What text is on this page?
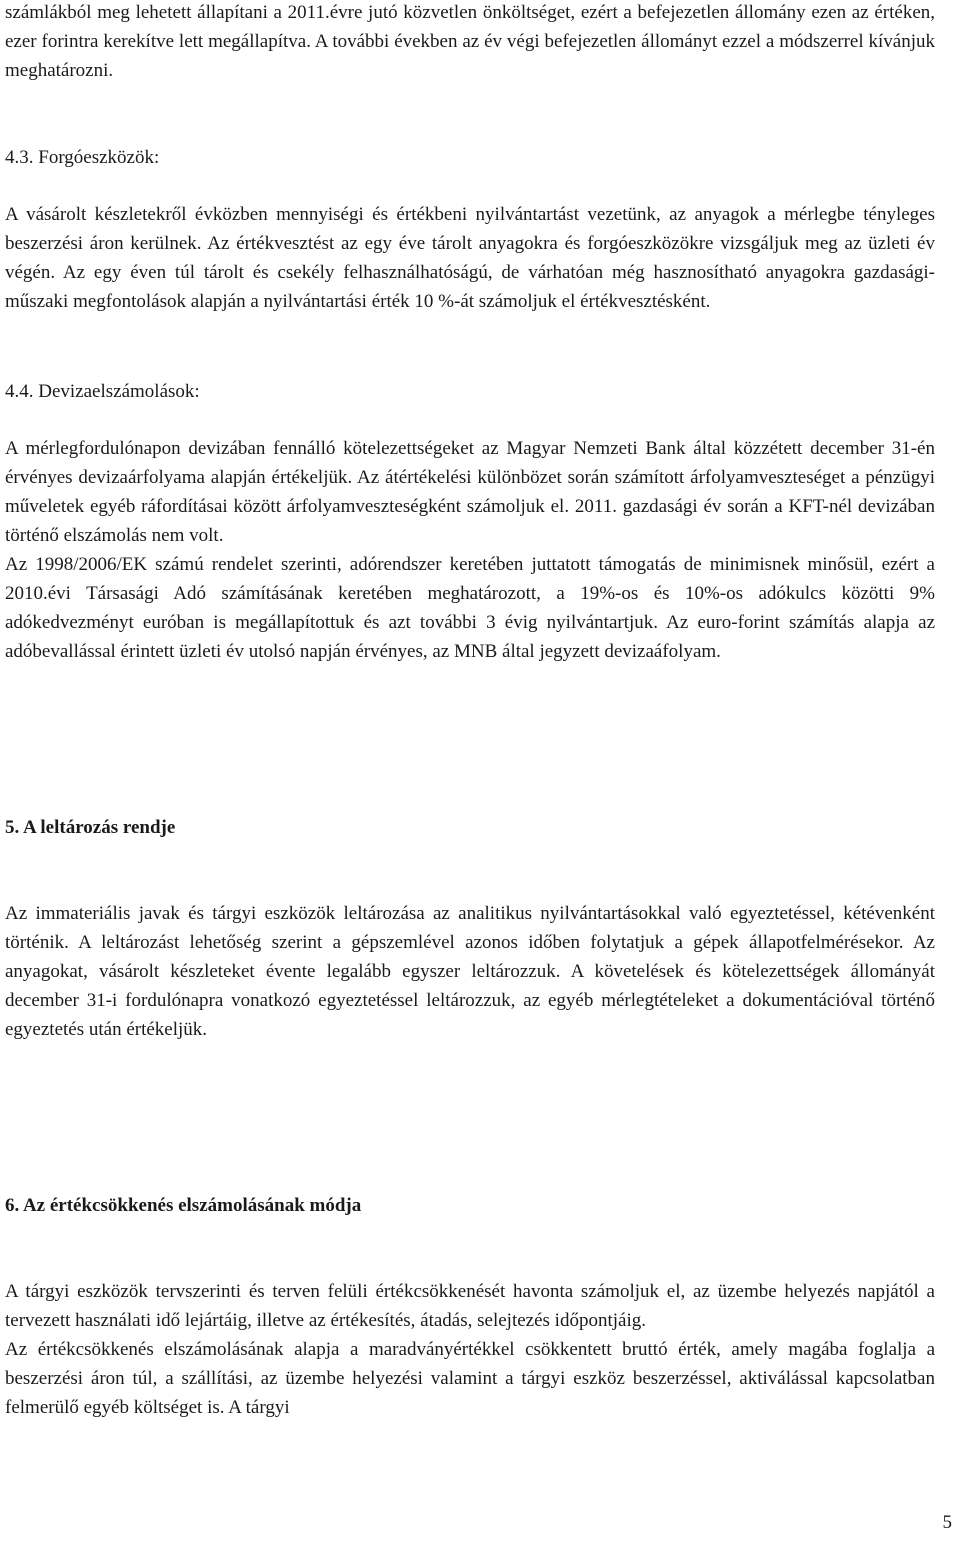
számlákból meg lehetett állapítani a 2011.évre jutó közvetlen önköltséget, ezért a befejezetlen állomány ezen az értéken, ezer forintra kerekítve lett megállapítva. A további években az év végi befejezetlen állományt ezzel a módszerrel kívánjuk meghatározni.

4.3. Forgóeszközök:

A vásárolt készletekről évközben mennyiségi és értékbeni nyilvántartást vezetünk, az anyagok a mérlegbe tényleges beszerzési áron kerülnek. Az értékvesztést az egy éve tárolt anyagokra és forgóeszközökre vizsgáljuk meg az üzleti év végén. Az egy éven túl tárolt és csekély felhasználhatóságú, de várhatóan még hasznosítható anyagokra gazdasági-műszaki megfontolások alapján a nyilvántartási érték 10 %-át számoljuk el értékvesztésként.

4.4. Devizaelszámolások:

A mérlegfordulónapon devizában fennálló kötelezettségeket az Magyar Nemzeti Bank által közzétett december 31-én érvényes devizaárfolyama alapján értékeljük. Az átértékelési különbözet során számított árfolyamveszteséget a pénzügyi műveletek egyéb ráfordításai között árfolyamveszteségként számoljuk el. 2011. gazdasági év során a KFT-nél devizában történő elszámolás nem volt.

Az 1998/2006/EK számú rendelet szerinti, adórendszer keretében juttatott támogatás de minimisnek minősül, ezért a 2010.évi Társasági Adó számításának keretében meghatározott, a 19%-os és 10%-os adókulcs közötti 9% adókedvezményt euróban is megállapítottuk és azt további 3 évig nyilvántartjuk. Az euro-forint számítás alapja az adóbevallással érintett üzleti év utolsó napján érvényes, az MNB által jegyzett devizaáfolyam.

5. A leltározás rendje

Az immateriális javak és tárgyi eszközök leltározása az analitikus nyilvántartásokkal való egyeztetéssel, kétévenként történik. A leltározást lehetőség szerint a gépszemlével azonos időben folytatjuk a gépek állapotfelmérésekor. Az anyagokat, vásárolt készleteket évente legalább egyszer leltározzuk. A követelések és kötelezettségek állományát december 31-i fordulónapra vonatkozó egyeztetéssel leltározzuk, az egyéb mérlegtételeket a dokumentációval történő egyeztetés után értékeljük.

6. Az értékcsökkenés elszámolásának módja

A tárgyi eszközök tervszerinti és terven felüli értékcsökkenését havonta számoljuk el, az üzembe helyezés napjától a tervezett használati idő lejártáig, illetve az értékesítés, átadás, selejtezés időpontjáig.

Az értékcsökkenés elszámolásának alapja a maradványértékkel csökkentett bruttó érték, amely magába foglalja a beszerzési áron túl, a szállítási, az üzembe helyezési valamint a tárgyi eszköz beszerzéssel, aktiválással kapcsolatban felmerülő egyéb költséget is. A tárgyi

5
